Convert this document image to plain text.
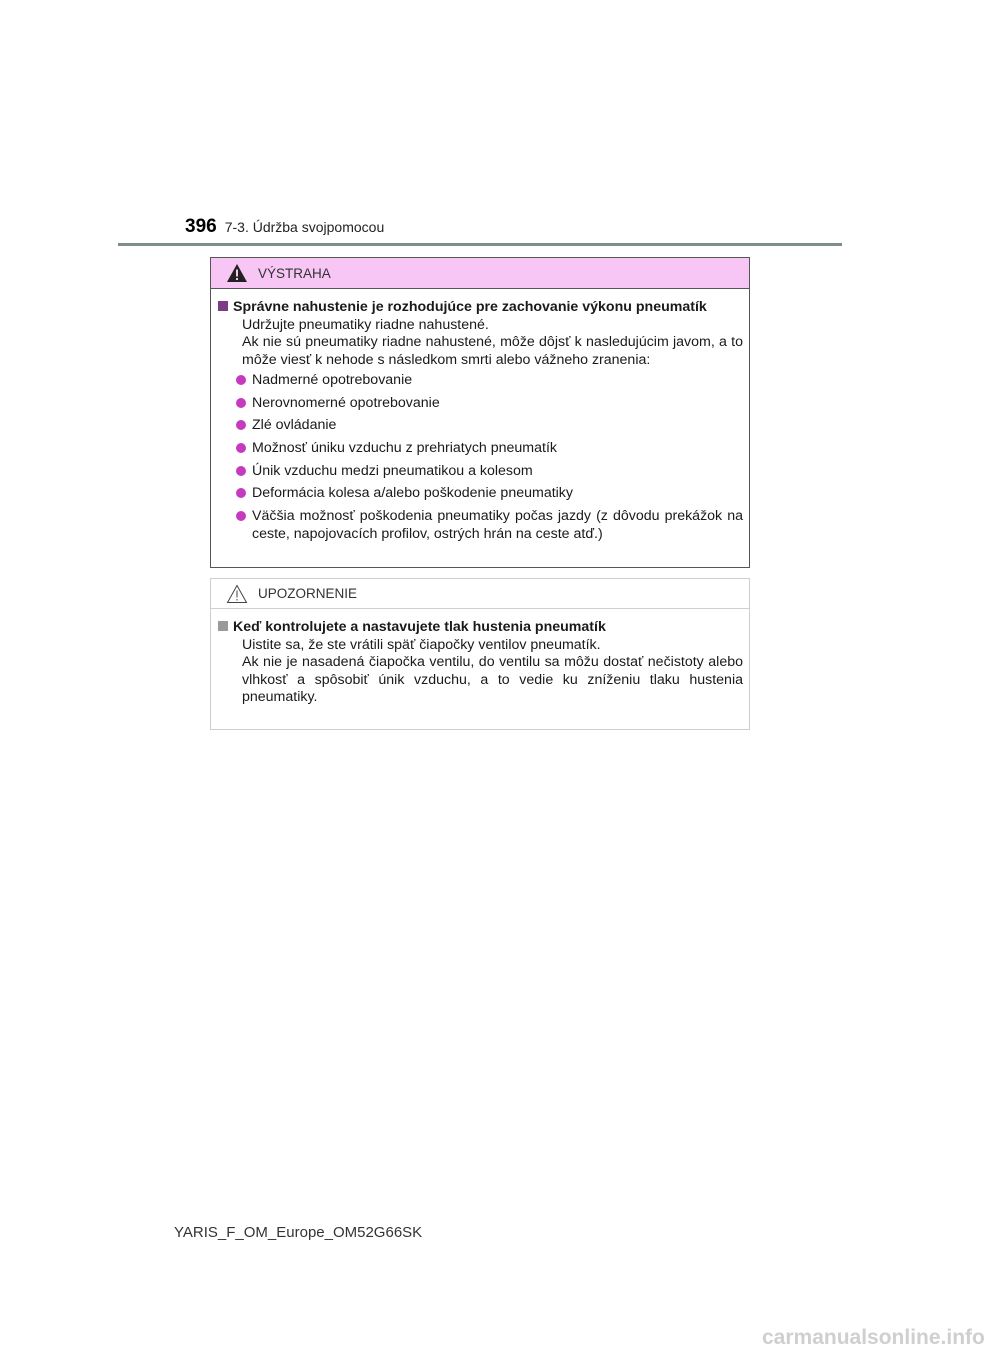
396 7-3. Údržba svojpomocou
VÝSTRAHA
Správne nahustenie je rozhodujúce pre zachovanie výkonu pneumatík
Udržujte pneumatiky riadne nahustené.
Ak nie sú pneumatiky riadne nahustené, môže dôjsť k nasledujúcim javom, a to môže viesť k nehode s následkom smrti alebo vážneho zranenia:
Nadmerné opotrebovanie
Nerovnomerné opotrebovanie
Zlé ovládanie
Možnosť úniku vzduchu z prehriatych pneumatík
Únik vzduchu medzi pneumatikou a kolesom
Deformácia kolesa a/alebo poškodenie pneumatiky
Väčšia možnosť poškodenia pneumatiky počas jazdy (z dôvodu prekážok na ceste, napojovacích profilov, ostrých hrán na ceste atď.)
UPOZORNENIE
Keď kontrolujete a nastavujete tlak hustenia pneumatík
Uistite sa, že ste vrátili späť čiapočky ventilov pneumatík.
Ak nie je nasadená čiapočka ventilu, do ventilu sa môžu dostať nečistoty alebo vlhkosť a spôsobiť únik vzduchu, a to vedie ku zníženiu tlaku hustenia pneumatiky.
YARIS_F_OM_Europe_OM52G66SK
carmanualsonline.info
